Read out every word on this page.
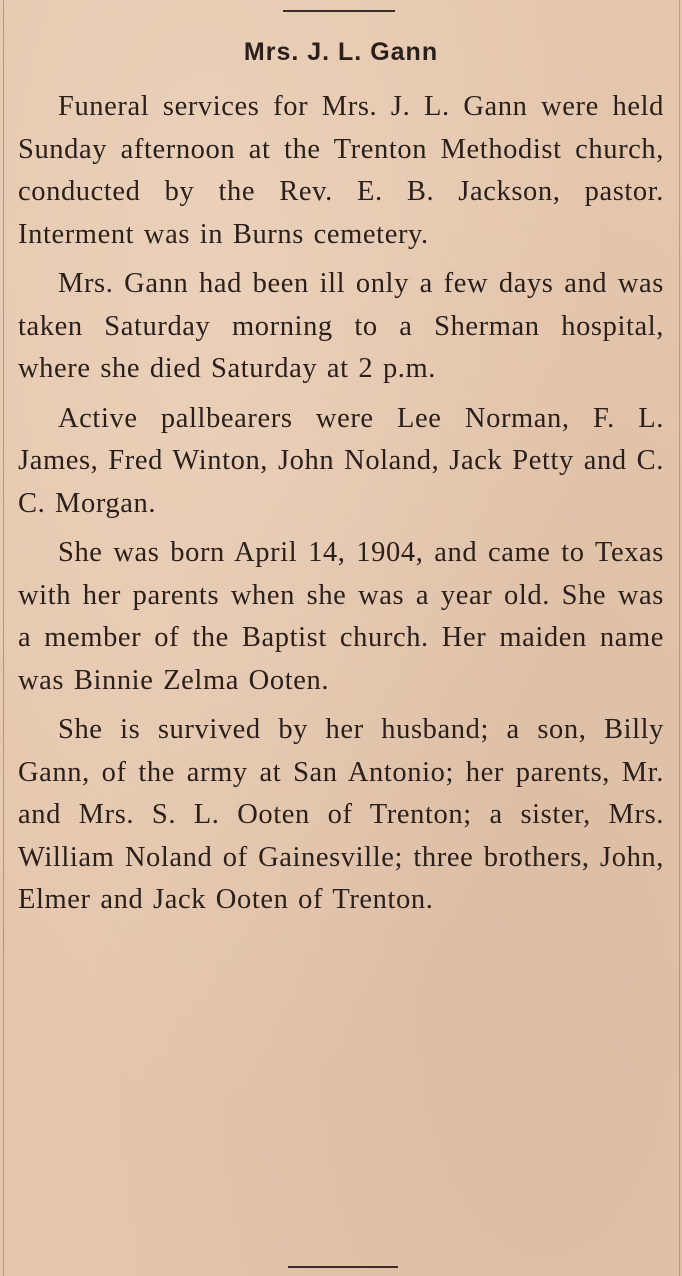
Mrs. J. L. Gann

Funeral services for Mrs. J. L. Gann were held Sunday afternoon at the Trenton Methodist church, conducted by the Rev. E. B. Jackson, pastor. Interment was in Burns cemetery.

Mrs. Gann had been ill only a few days and was taken Saturday morning to a Sherman hospital, where she died Saturday at 2 p.m.

Active pallbearers were Lee Norman, F. L. James, Fred Winton, John Noland, Jack Petty and C. C. Morgan.

She was born April 14, 1904, and came to Texas with her parents when she was a year old. She was a member of the Baptist church. Her maiden name was Binnie Zelma Ooten.

She is survived by her husband; a son, Billy Gann, of the army at San Antonio; her parents, Mr. and Mrs. S. L. Ooten of Trenton; a sister, Mrs. William Noland of Gainesville; three brothers, John, Elmer and Jack Ooten of Trenton.
